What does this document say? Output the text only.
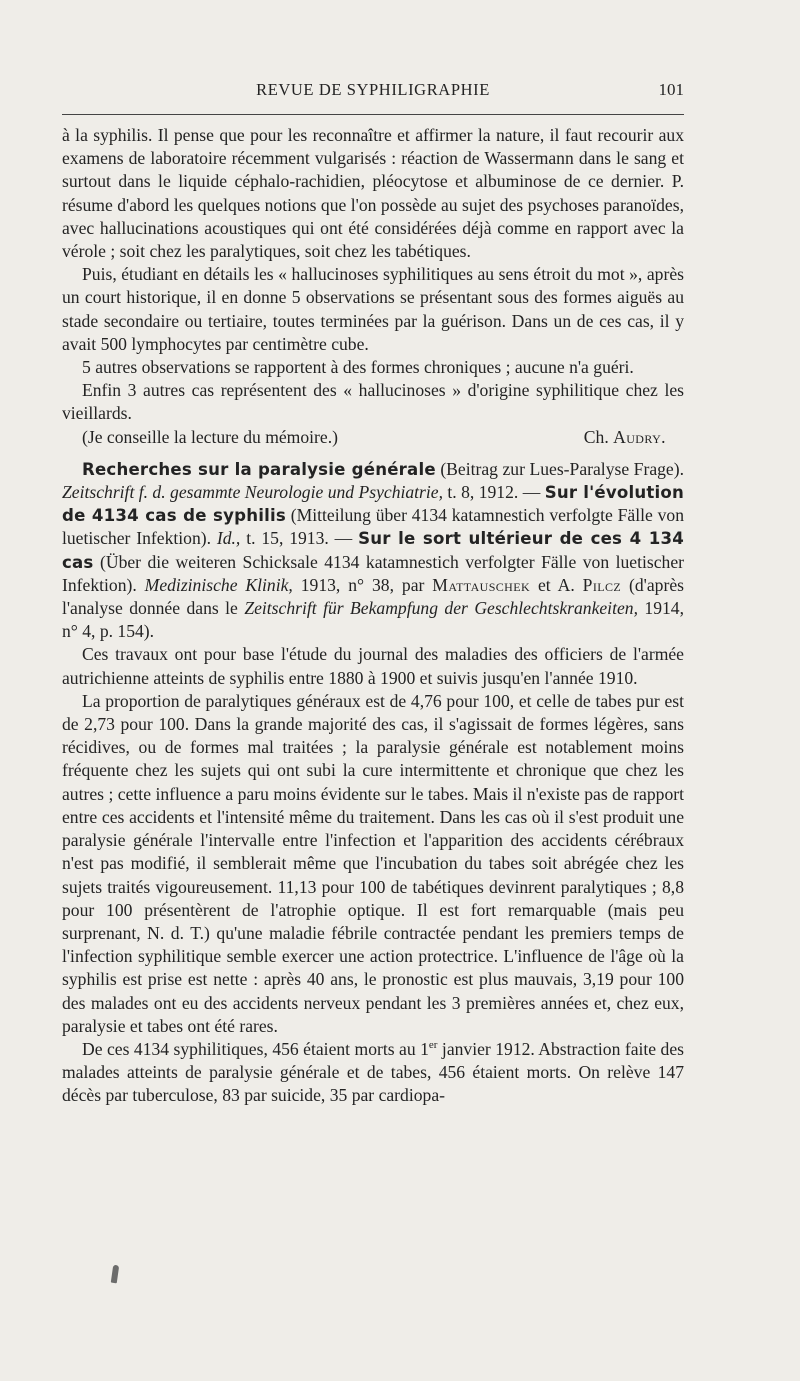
REVUE DE SYPHILIGRAPHIE	101

à la syphilis. Il pense que pour les reconnaître et affirmer la nature, il faut recourir aux examens de laboratoire récemment vulgarisés : réaction de Wassermann dans le sang et surtout dans le liquide céphalo-rachidien, pléocytose et albuminose de ce dernier. P. résume d'abord les quelques notions que l'on possède au sujet des psychoses paranoïdes, avec hallucinations acoustiques qui ont été considérées déjà comme en rapport avec la vérole ; soit chez les paralytiques, soit chez les tabétiques.

Puis, étudiant en détails les « hallucinoses syphilitiques au sens étroit du mot », après un court historique, il en donne 5 observations se présentant sous des formes aiguës au stade secondaire ou tertiaire, toutes terminées par la guérison. Dans un de ces cas, il y avait 500 lymphocytes par centimètre cube.

5 autres observations se rapportent à des formes chroniques ; aucune n'a guéri.

Enfin 3 autres cas représentent des « hallucinoses » d'origine syphilitique chez les vieillards.

(Je conseille la lecture du mémoire.)	Ch. Audry.

Recherches sur la paralysie générale (Beitrag zur Lues-Paralyse Frage). Zeitschrift f. d. gesammte Neurologie und Psychiatrie, t. 8, 1912. — Sur l'évolution de 4134 cas de syphilis (Mitteilung über 4134 katamnestich verfolgte Fälle von luetischer Infektion). Id., t. 15, 1913. — Sur le sort ultérieur de ces 4 134 cas (Über die weiteren Schicksale 4134 katamnestich verfolgter Fälle von luetischer Infektion). Medizinische Klinik, 1913, n° 38, par Mattauschek et A. Pilcz (d'après l'analyse donnée dans le Zeitschrift für Bekampfung der Geschlechtskrankeiten, 1914, n° 4, p. 154).

Ces travaux ont pour base l'étude du journal des maladies des officiers de l'armée autrichienne atteints de syphilis entre 1880 à 1900 et suivis jusqu'en l'année 1910.

La proportion de paralytiques généraux est de 4,76 pour 100, et celle de tabes pur est de 2,73 pour 100. Dans la grande majorité des cas, il s'agissait de formes légères, sans récidives, ou de formes mal traitées ; la paralysie générale est notablement moins fréquente chez les sujets qui ont subi la cure intermittente et chronique que chez les autres ; cette influence a paru moins évidente sur le tabes. Mais il n'existe pas de rapport entre ces accidents et l'intensité même du traitement. Dans les cas où il s'est produit une paralysie générale l'intervalle entre l'infection et l'apparition des accidents cérébraux n'est pas modifié, il semblerait même que l'incubation du tabes soit abrégée chez les sujets traités vigoureusement. 11,13 pour 100 de tabétiques devinrent paralytiques ; 8,8 pour 100 présentèrent de l'atrophie optique. Il est fort remarquable (mais peu surprenant, N. d. T.) qu'une maladie fébrile contractée pendant les premiers temps de l'infection syphilitique semble exercer une action protectrice. L'influence de l'âge où la syphilis est prise est nette : après 40 ans, le pronostic est plus mauvais, 3,19 pour 100 des malades ont eu des accidents nerveux pendant les 3 premières années et, chez eux, paralysie et tabes ont été rares.

De ces 4134 syphilitiques, 456 étaient morts au 1er janvier 1912. Abstraction faite des malades atteints de paralysie générale et de tabes, 456 étaient morts. On relève 147 décès par tuberculose, 83 par suicide, 35 par cardiopa-
